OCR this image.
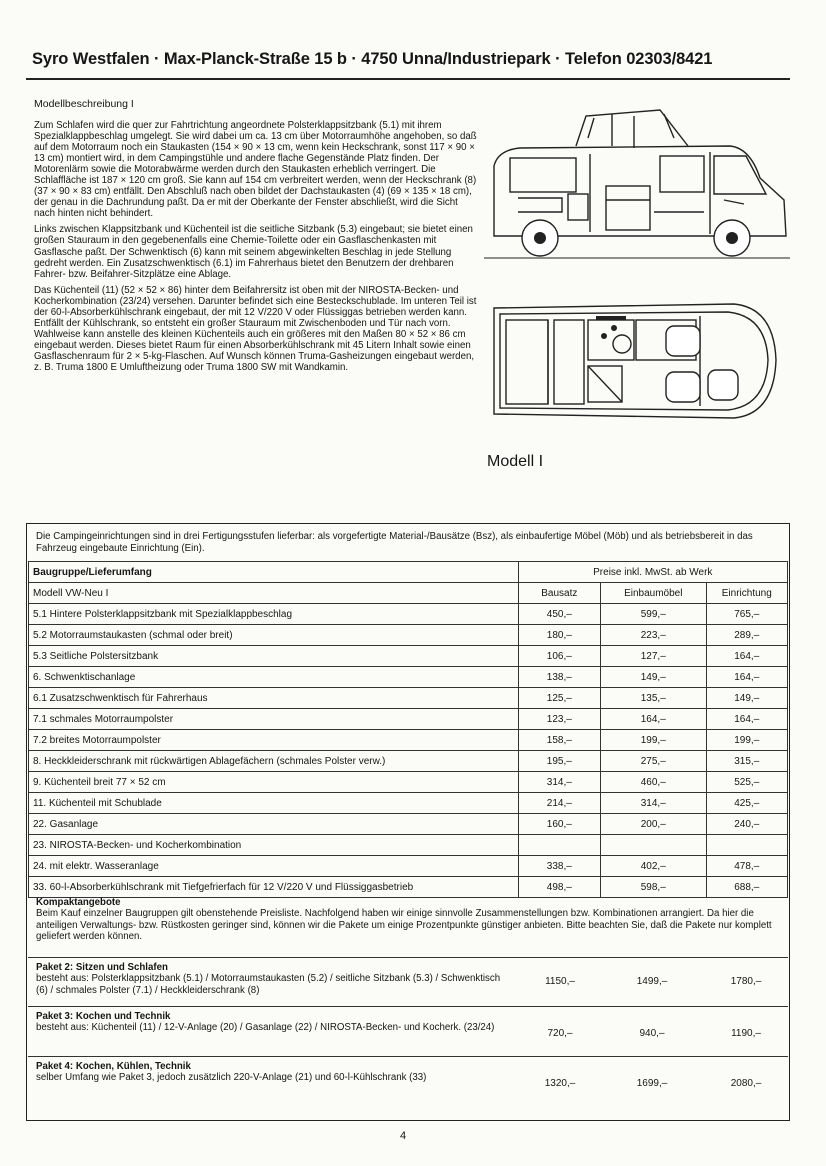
Syro Westfalen · Max-Planck-Straße 15 b · 4750 Unna/Industriepark · Telefon 02303/8421
Modellbeschreibung I

Zum Schlafen wird die quer zur Fahrtrichtung angeordnete Polsterklappsitzbank (5.1) mit ihrem Spezialklappbeschlag umgelegt. Sie wird dabei um ca. 13 cm über Motorraumhöhe angehoben, so daß auf dem Motorraum noch ein Staukasten (154 × 90 × 13 cm, wenn kein Heckschrank, sonst 117 × 90 × 13 cm) montiert wird, in dem Campingstühle und andere flache Gegenstände Platz finden. Der Motorenlärm sowie die Motorabwärme werden durch den Staukasten erheblich verringert. Die Schlaffläche ist 187 × 120 cm groß. Sie kann auf 154 cm verbreitert werden, wenn der Heckschrank (8) (37 × 90 × 83 cm) entfällt. Den Abschluß nach oben bildet der Dachstaukasten (4) (69 × 135 × 18 cm), der genau in die Dachrundung paßt. Da er mit der Oberkante der Fenster abschließt, wird die Sicht nach hinten nicht behindert.

Links zwischen Klappsitzbank und Küchenteil ist die seitliche Sitzbank (5.3) eingebaut; sie bietet einen großen Stauraum in den gegebenenfalls eine Chemie-Toilette oder ein Gasflaschenkasten mit Gasflasche paßt. Der Schwenktisch (6) kann mit seinem abgewinkelten Beschlag in jede Stellung gedreht werden. Ein Zusatzschwenktisch (6.1) im Fahrerhaus bietet den Benutzern der drehbaren Fahrer- bzw. Beifahrer-Sitzplätze eine Ablage.

Das Küchenteil (11) (52 × 52 × 86) hinter dem Beifahrersitz ist oben mit der NIROSTA-Becken- und Kocherkombination (23/24) versehen. Darunter befindet sich eine Besteckschublade. Im unteren Teil ist der 60-l-Absorberkühlschrank eingebaut, der mit 12 V/220 V oder Flüssiggas betrieben werden kann. Entfällt der Kühlschrank, so entsteht ein großer Stauraum mit Zwischenboden und Tür nach vorn. Wahlweise kann anstelle des kleinen Küchenteils auch ein größeres mit den Maßen 80 × 52 × 86 cm eingebaut werden. Dieses bietet Raum für einen Absorberkühlschrank mit 45 Litern Inhalt sowie einen Gasflaschenraum für 2 × 5-kg-Flaschen. Auf Wunsch können Truma-Gasheizungen eingebaut werden, z. B. Truma 1800 E Umluftheizung oder Truma 1800 SW mit Wandkamin.

Modell I
Die Campingeinrichtungen sind in drei Fertigungsstufen lieferbar: als vorgefertigte Material-/Bausätze (Bsz), als einbaufertige Möbel (Möb) und als betriebsbereit in das Fahrzeug eingebaute Einrichtung (Ein).
Baugruppe/Lieferumfang	Preise inkl. MwSt. ab Werk		
Modell VW-Neu I	Bausatz	Einbaumöbel	Einrichtung
5.1 Hintere Polsterklappsitzbank mit Spezialklappbeschlag	450,–	599,–	765,–
5.2 Motorraumstaukasten (schmal oder breit)	180,–	223,–	289,–
5.3 Seitliche Polstersitzbank	106,–	127,–	164,–
6. Schwenktischanlage	138,–	149,–	164,–
6.1 Zusatzschwenktisch für Fahrerhaus	125,–	135,–	149,–
7.1 schmales Motorraumpolster	123,–	164,–	164,–
7.2 breites Motorraumpolster	158,–	199,–	199,–
8. Heckkleiderschrank mit rückwärtigen Ablagefächern (schmales Polster verw.)	195,–	275,–	315,–
9. Küchenteil breit 77 × 52 cm	314,–	460,–	525,–
11. Küchenteil mit Schublade	214,–	314,–	425,–
22. Gasanlage	160,–	200,–	240,–
23. NIROSTA-Becken- und Kocherkombination			
24. mit elektr. Wasseranlage	338,–	402,–	478,–
33. 60-l-Absorberkühlschrank mit Tiefgefrierfach für 12 V/220 V und Flüssiggasbetrieb	498,–	598,–	688,–
Kompaktangebote
Beim Kauf einzelner Baugruppen gilt obenstehende Preisliste. Nachfolgend haben wir einige sinnvolle Zusammenstellungen bzw. Kombinationen arrangiert. Da hier die anteiligen Verwaltungs- bzw. Rüstkosten geringer sind, können wir die Pakete um einige Prozentpunkte günstiger anbieten. Bitte beachten Sie, daß die Pakete nur komplett geliefert werden können.
Paket 2: Sitzen und Schlafen
besteht aus: Polsterklappsitzbank (5.1) / Motorraumstaukasten (5.2) / seitliche Sitzbank (5.3) / Schwenktisch (6) / schmales Polster (7.1) / Heckkleiderschrank (8)
1150,–	1499,–	1780,–
Paket 3: Kochen und Technik
besteht aus: Küchenteil (11) / 12-V-Anlage (20) / Gasanlage (22) / NIROSTA-Becken- und Kocherk. (23/24)
720,–	940,–	1190,–
Paket 4: Kochen, Kühlen, Technik
selber Umfang wie Paket 3, jedoch zusätzlich 220-V-Anlage (21) und 60-l-Kühlschrank (33)
1320,–	1699,–	2080,–
4
